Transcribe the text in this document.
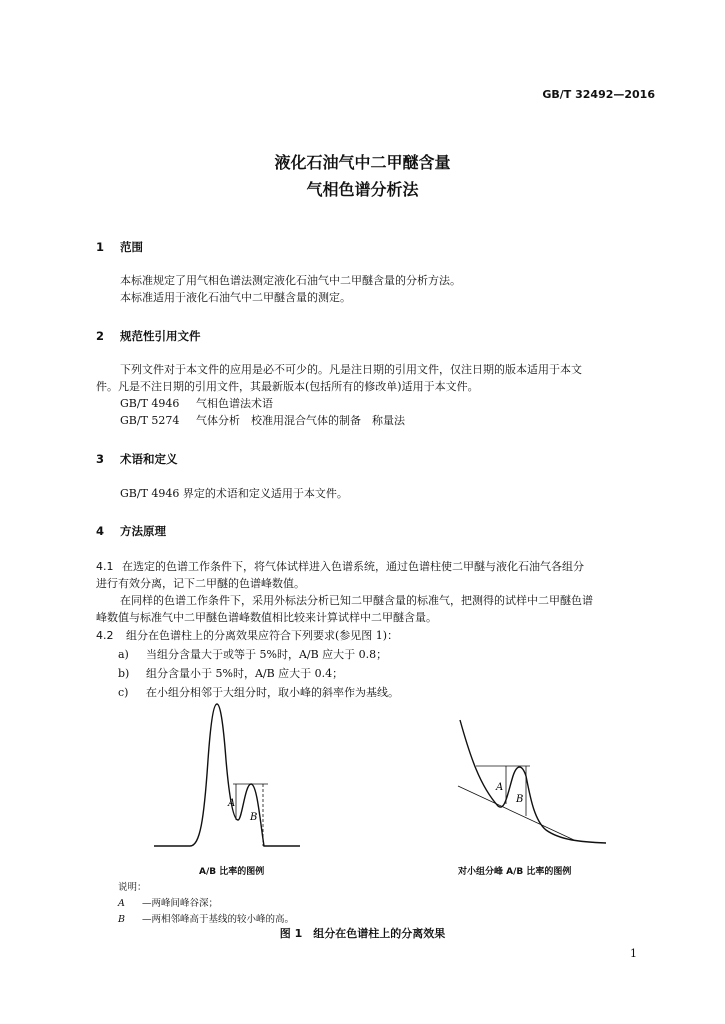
GB/T 32492—2016
液化石油气中二甲醚含量
气相色谱分析法
1 范围
本标准规定了用气相色谱法测定液化石油气中二甲醚含量的分析方法。
本标准适用于液化石油气中二甲醚含量的测定。
2 规范性引用文件
下列文件对于本文件的应用是必不可少的。凡是注日期的引用文件，仅注日期的版本适用于本文
件。凡是不注日期的引用文件，其最新版本(包括所有的修改单)适用于本文件。
GB/T 4946 气相色谱法术语
GB/T 5274 气体分析　校准用混合气体的制备　称量法
3 术语和定义
GB/T 4946 界定的术语和定义适用于本文件。
4 方法原理
4.1 在选定的色谱工作条件下，将气体试样进入色谱系统，通过色谱柱使二甲醚与液化石油气各组分
进行有效分离，记下二甲醚的色谱峰数值。
在同样的色谱工作条件下，采用外标法分析已知二甲醚含量的标准气，把测得的试样中二甲醚色谱
峰数值与标准气中二甲醚色谱峰数值相比较来计算试样中二甲醚含量。
4.2 组分在色谱柱上的分离效果应符合下列要求(参见图 1)：
a) 当组分含量大于或等于 5%时，A/B 应大于 0.8；
b) 组分含量小于 5%时，A/B 应大于 0.4；
c) 在小组分相邻于大组分时，取小峰的斜率作为基线。
A
B
A
B
A/B 比率的图例	对小组分峰 A/B 比率的图例
说明：
A —两峰间峰谷深；
B —两相邻峰高于基线的较小峰的高。
图 1　组分在色谱柱上的分离效果
1
